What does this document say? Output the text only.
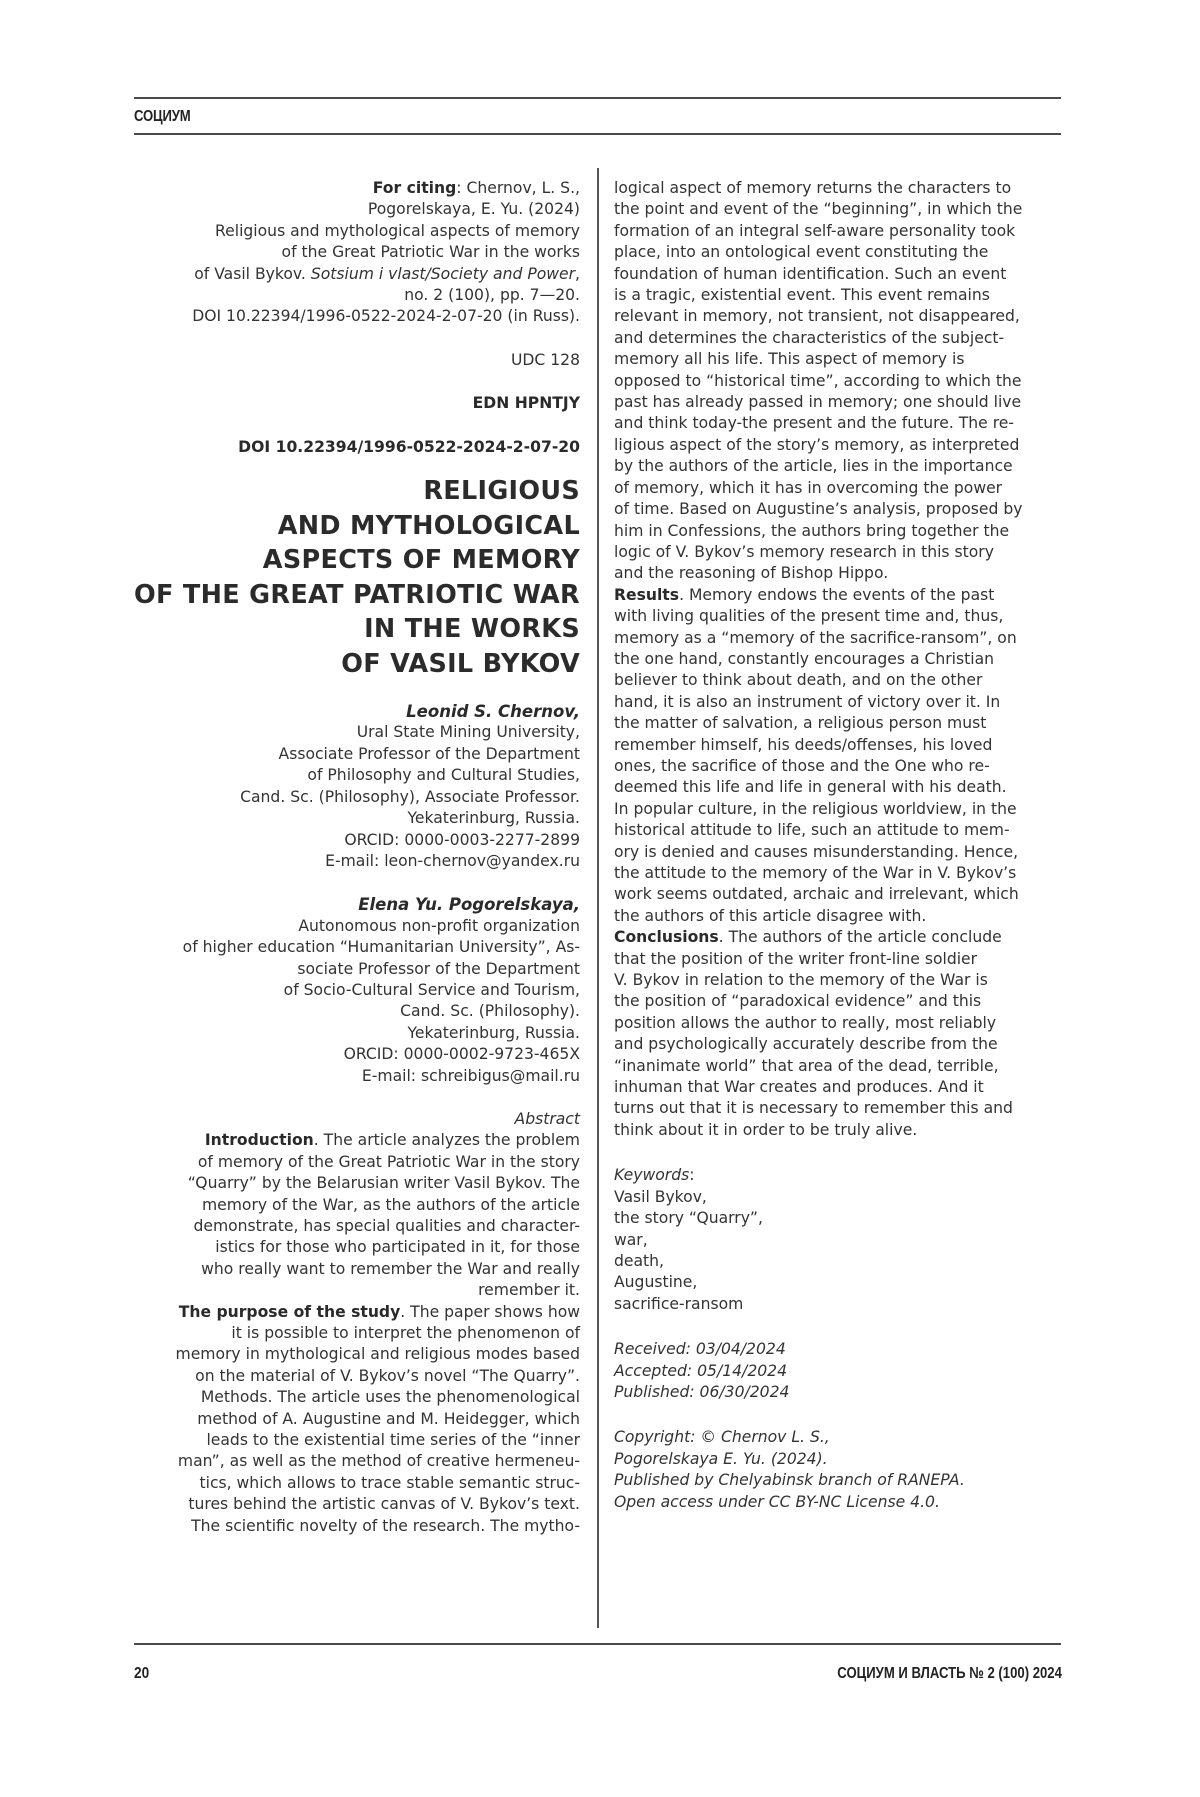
СОЦИУМ
For citing: Chernov, L. S.,
Pogorelskaya, E. Yu. (2024)
Religious and mythological aspects of memory
of the Great Patriotic War in the works
of Vasil Bykov. Sotsium i vlast/Society and Power,
no. 2 (100), pp. 7—20.
DOI 10.22394/1996-0522-2024-2-07-20 (in Russ).
UDC 128
EDN HPNTJY
DOI 10.22394/1996-0522-2024-2-07-20
RELIGIOUS
AND MYTHOLOGICAL
ASPECTS OF MEMORY
OF THE GREAT PATRIOTIC WAR
IN THE WORKS
OF VASIL BYKOV
Leonid S. Chernov,
Ural State Mining University,
Associate Professor of the Department
of Philosophy and Cultural Studies,
Cand. Sc. (Philosophy), Associate Professor.
Yekaterinburg, Russia.
ORCID: 0000-0003-2277-2899
E-mail: leon-chernov@yandex.ru
Elena Yu. Pogorelskaya,
Autonomous non-profit organization
of higher education “Humanitarian University”, As-
sociate Professor of the Department
of Socio-Cultural Service and Tourism,
Cand. Sc. (Philosophy).
Yekaterinburg, Russia.
ORCID: 0000-0002-9723-465X
E-mail: schreibigus@mail.ru
Abstract
Introduction. The article analyzes the problem
of memory of the Great Patriotic War in the story
“Quarry” by the Belarusian writer Vasil Bykov. The
memory of the War, as the authors of the article
demonstrate, has special qualities and character-
istics for those who participated in it, for those
who really want to remember the War and really
remember it.
The purpose of the study. The paper shows how
it is possible to interpret the phenomenon of
memory in mythological and religious modes based
on the material of V. Bykov’s novel “The Quarry”.
Methods. The article uses the phenomenological
method of A. Augustine and M. Heidegger, which
leads to the existential time series of the “inner
man”, as well as the method of creative hermeneu-
tics, which allows to trace stable semantic struc-
tures behind the artistic canvas of V. Bykov’s text.
The scientific novelty of the research. The mytho-
logical aspect of memory returns the characters to
the point and event of the “beginning”, in which the
formation of an integral self-aware personality took
place, into an ontological event constituting the
foundation of human identification. Such an event
is a tragic, existential event. This event remains
relevant in memory, not transient, not disappeared,
and determines the characteristics of the subject-
memory all his life. This aspect of memory is
opposed to “historical time”, according to which the
past has already passed in memory; one should live
and think today-the present and the future. The re-
ligious aspect of the story’s memory, as interpreted
by the authors of the article, lies in the importance
of memory, which it has in overcoming the power
of time. Based on Augustine’s analysis, proposed by
him in Confessions, the authors bring together the
logic of V. Bykov’s memory research in this story
and the reasoning of Bishop Hippo.
Results. Memory endows the events of the past
with living qualities of the present time and, thus,
memory as a “memory of the sacrifice-ransom”, on
the one hand, constantly encourages a Christian
believer to think about death, and on the other
hand, it is also an instrument of victory over it. In
the matter of salvation, a religious person must
remember himself, his deeds/offenses, his loved
ones, the sacrifice of those and the One who re-
deemed this life and life in general with his death.
In popular culture, in the religious worldview, in the
historical attitude to life, such an attitude to mem-
ory is denied and causes misunderstanding. Hence,
the attitude to the memory of the War in V. Bykov’s
work seems outdated, archaic and irrelevant, which
the authors of this article disagree with.
Conclusions. The authors of the article conclude
that the position of the writer front-line soldier
V. Bykov in relation to the memory of the War is
the position of “paradoxical evidence” and this
position allows the author to really, most reliably
and psychologically accurately describe from the
“inanimate world” that area of the dead, terrible,
inhuman that War creates and produces. And it
turns out that it is necessary to remember this and
think about it in order to be truly alive.
Keywords:
Vasil Bykov,
the story “Quarry”,
war,
death,
Augustine,
sacrifice-ransom
Received: 03/04/2024
Accepted: 05/14/2024
Published: 06/30/2024
Copyright: © Chernov L. S.,
Pogorelskaya E. Yu. (2024).
Published by Chelyabinsk branch of RANEPA.
Open access under CC BY-NC License 4.0.
20	СОЦИУМ И ВЛАСТЬ № 2 (100) 2024
